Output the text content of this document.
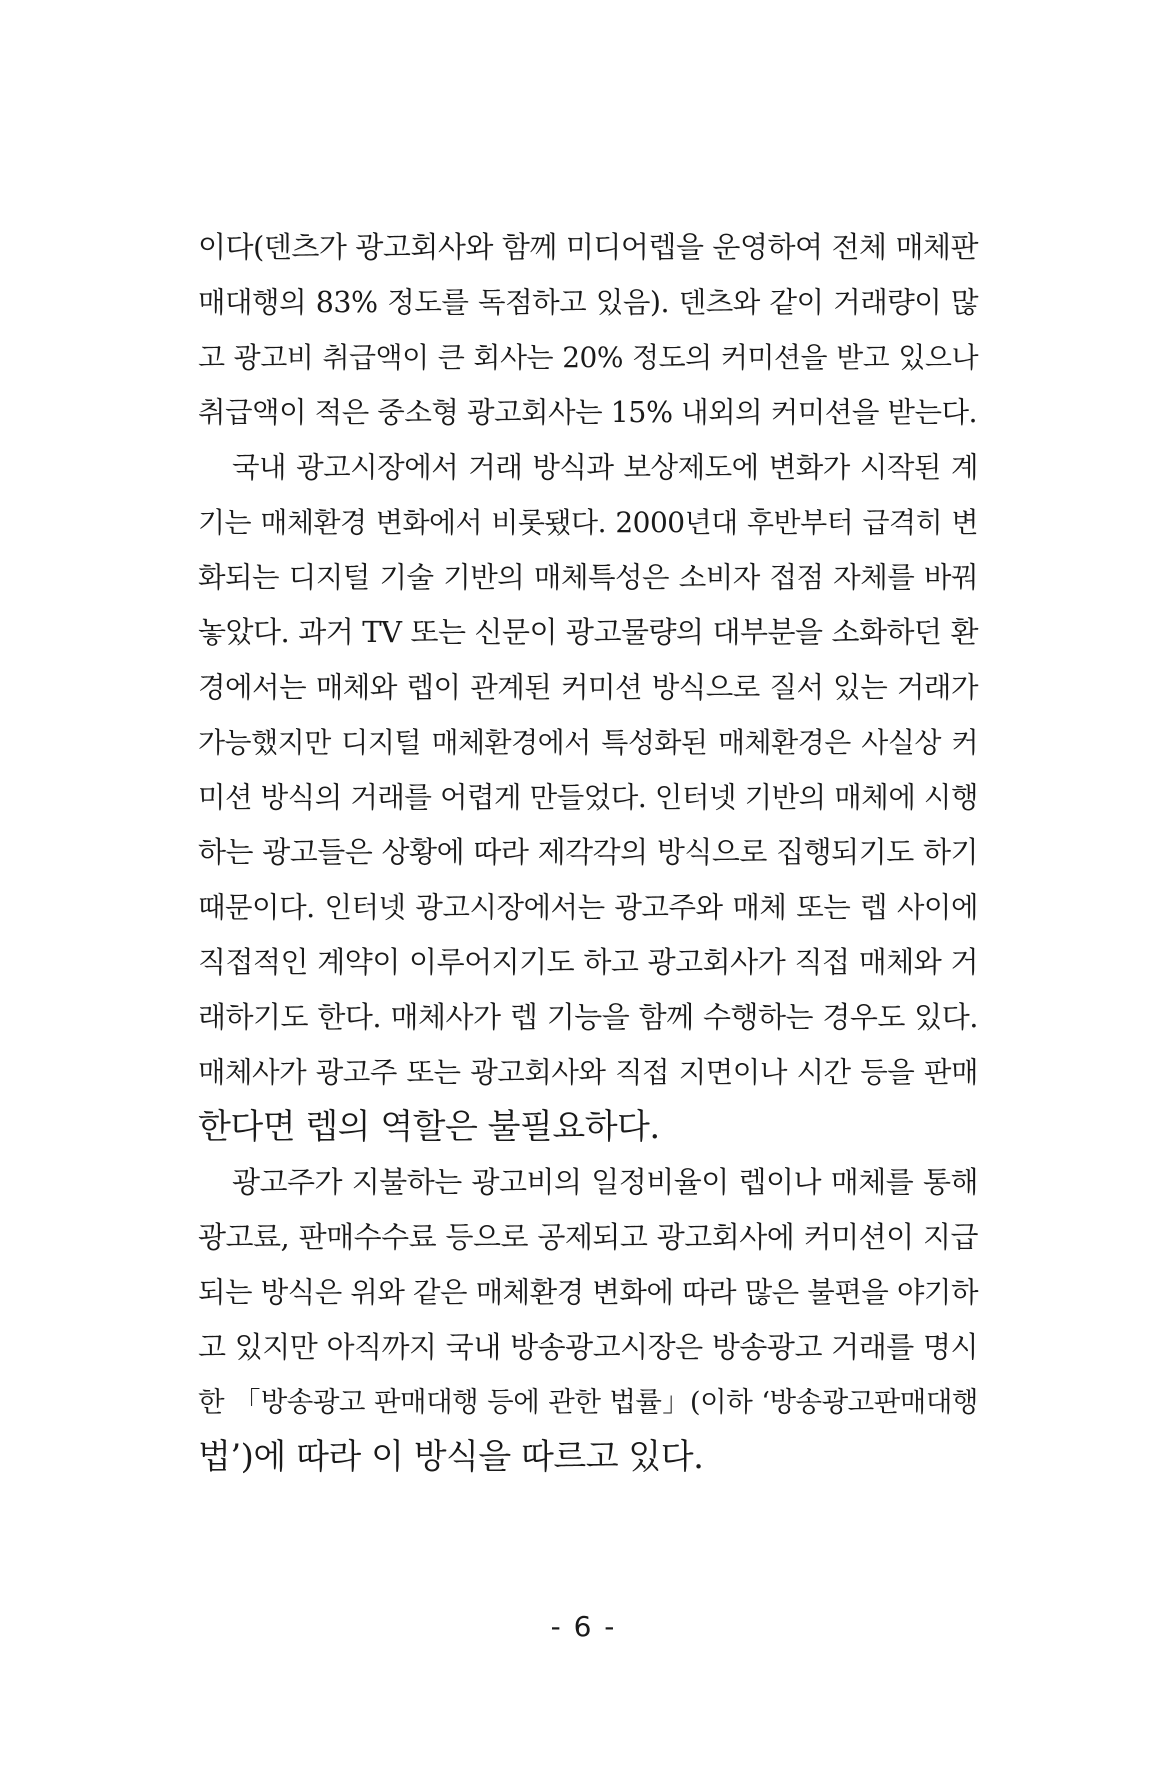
이다(덴츠가 광고회사와 함께 미디어렙을 운영하여 전체 매체판
매대행의 83% 정도를 독점하고 있음). 덴츠와 같이 거래량이 많
고 광고비 취급액이 큰 회사는 20% 정도의 커미션을 받고 있으나
취급액이 적은 중소형 광고회사는 15% 내외의 커미션을 받는다.
국내 광고시장에서 거래 방식과 보상제도에 변화가 시작된 계
기는 매체환경 변화에서 비롯됐다. 2000년대 후반부터 급격히 변
화되는 디지털 기술 기반의 매체특성은 소비자 접점 자체를 바꿔
놓았다. 과거 TV 또는 신문이 광고물량의 대부분을 소화하던 환
경에서는 매체와 렙이 관계된 커미션 방식으로 질서 있는 거래가
가능했지만 디지털 매체환경에서 특성화된 매체환경은 사실상 커
미션 방식의 거래를 어렵게 만들었다. 인터넷 기반의 매체에 시행
하는 광고들은 상황에 따라 제각각의 방식으로 집행되기도 하기
때문이다. 인터넷 광고시장에서는 광고주와 매체 또는 렙 사이에
직접적인 계약이 이루어지기도 하고 광고회사가 직접 매체와 거
래하기도 한다. 매체사가 렙 기능을 함께 수행하는 경우도 있다.
매체사가 광고주 또는 광고회사와 직접 지면이나 시간 등을 판매
한다면 렙의 역할은 불필요하다.
광고주가 지불하는 광고비의 일정비율이 렙이나 매체를 통해
광고료, 판매수수료 등으로 공제되고 광고회사에 커미션이 지급
되는 방식은 위와 같은 매체환경 변화에 따라 많은 불편을 야기하
고 있지만 아직까지 국내 방송광고시장은 방송광고 거래를 명시
한 「방송광고 판매대행 등에 관한 법률」(이하 ‘방송광고판매대행
법’)에 따라 이 방식을 따르고 있다.
- 6 -
